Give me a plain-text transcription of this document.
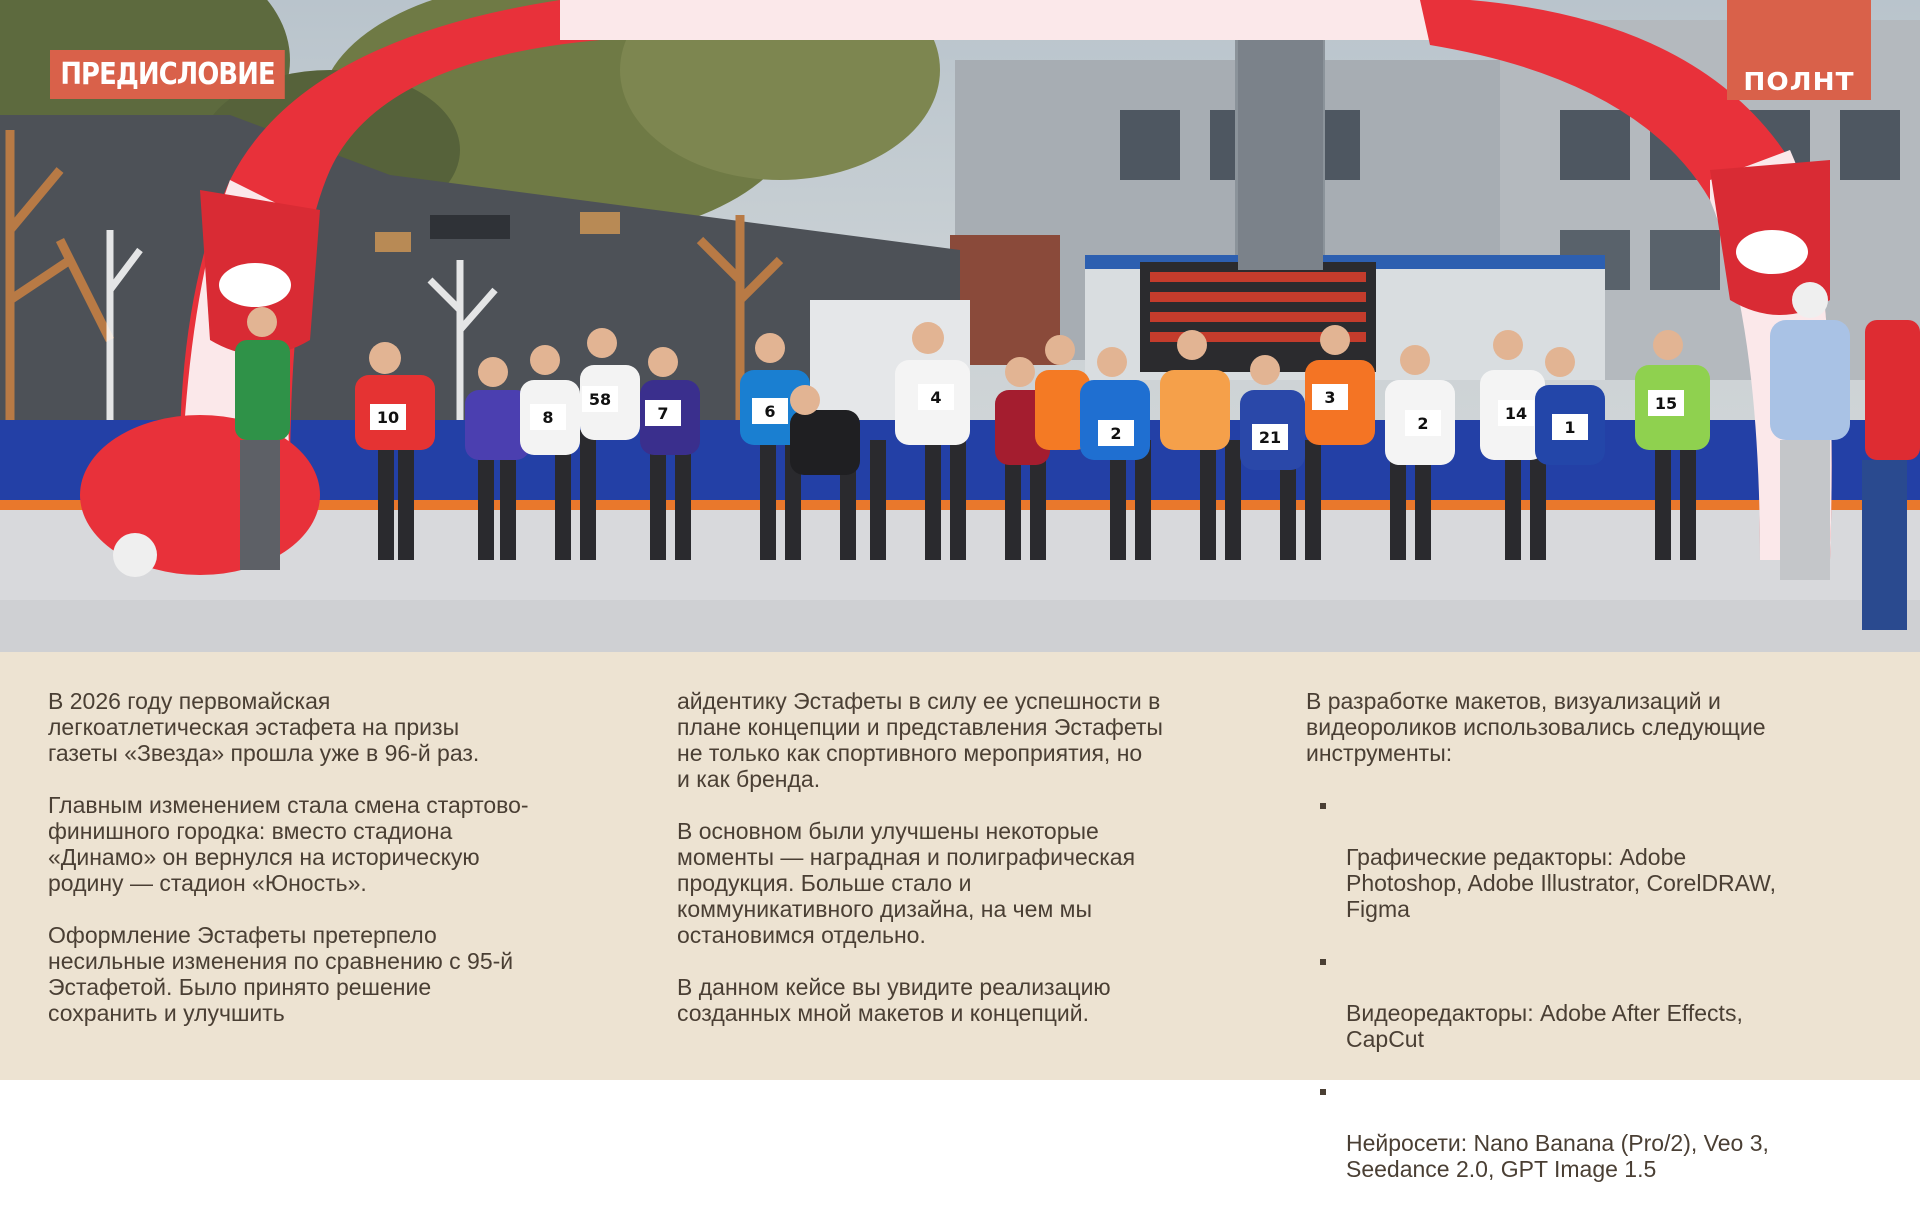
10	8
58
7	6
4
2
3
2
14
1
15
21
ПРЕДИСЛОВИЕ	ПОЛНТ

В 2026 году первомайская
легкоатлетическая эстафета на призы
газеты «Звезда» прошла уже в 96-й раз.

Главным изменением стала смена стартово-
финишного городка: вместо стадиона
«Динамо» он вернулся на историческую
родину — стадион «Юность».

Оформление Эстафеты претерпело
несильные изменения по сравнению с 95-й
Эстафетой. Было принято решение
сохранить и улучшить

айдентику Эстафеты в силу ее успешности в
плане концепции и представления Эстафеты
не только как спортивного мероприятия, но
и как бренда.

В основном были улучшены некоторые
моменты — наградная и полиграфическая
продукция. Больше стало и
коммуникативного дизайна, на чем мы
остановимся отдельно.

В данном кейсе вы увидите реализацию
созданных мной макетов и концепций.

В разработке макетов, визуализаций и
видеороликов использовались следующие
инструменты:

Графические редакторы: Adobe
Photoshop, Adobe Illustrator, CorelDRAW,
Figma

Видеоредакторы: Adobe After Effects,
CapCut

Нейросети: Nano Banana (Pro/2), Veo 3,
Seedance 2.0, GPT Image 1.5
